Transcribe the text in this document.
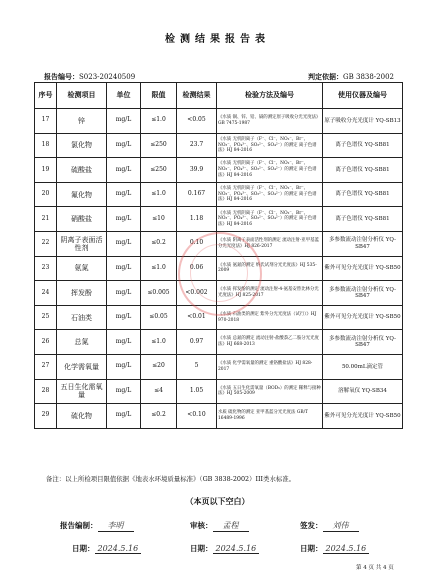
检测结果报告表
报告编号：S023-20240509	判定依据：GB 3838-2002
序号	检测项目	单位	限值	检测结果	检验方法及编号	使用仪器及编号
17	锌	mg/L	≤1.0	<0.05	《水质 铜、锌、铅、镉的测定原子吸收分光光度法》GB 7475-1987	原子吸收分光光度计 YQ-SB13
18	氯化物	mg/L	≤250	23.7	《水质 无机阴离子（F⁻、Cl⁻、NO₂⁻、Br⁻、NO₃⁻、PO₄³⁻、SO₃²⁻、SO₄²⁻）的测定 离子色谱法》HJ 84-2016	离子色谱仪 YQ-SB81
19	硫酸盐	mg/L	≤250	39.9	《水质 无机阴离子（F⁻、Cl⁻、NO₂⁻、Br⁻、NO₃⁻、PO₄³⁻、SO₃²⁻、SO₄²⁻）的测定 离子色谱法》HJ 84-2016	离子色谱仪 YQ-SB81
20	氟化物	mg/L	≤1.0	0.167	《水质 无机阴离子（F⁻、Cl⁻、NO₂⁻、Br⁻、NO₃⁻、PO₄³⁻、SO₃²⁻、SO₄²⁻）的测定 离子色谱法》HJ 84-2016	离子色谱仪 YQ-SB81
21	硝酸盐	mg/L	≤10	1.18	《水质 无机阴离子（F⁻、Cl⁻、NO₂⁻、Br⁻、NO₃⁻、PO₄³⁻、SO₃²⁻、SO₄²⁻）的测定 离子色谱法》HJ 84-2016	离子色谱仪 YQ-SB81
22	阴离子表面活性剂	mg/L	≤0.2	0.10	《水质 阴离子表面活性剂的测定 流动注射-亚甲基蓝分光光度法》HJ 826-2017	多参数流动注射分析仪 YQ-SB47
23	氨氮	mg/L	≤1.0	0.06	《水质 氨氮的测定 纳氏试剂分光光度法》HJ 535-2009	紫外可见分光光度计 YQ-SB50
24	挥发酚	mg/L	≤0.005	<0.002	《水质 挥发酚的测定 流动注射-4-氨基安替比林分光光度法》HJ 825-2017	多参数流动注射分析仪 YQ-SB47
25	石油类	mg/L	≤0.05	<0.01	《水质 石油类的测定 紫外分光光度法（试行）》HJ 970-2018	紫外可见分光光度计 YQ-SB50
26	总氮	mg/L	≤1.0	0.97	《水质 总氮的测定 流动注射-盐酸萘乙二胺分光光度法》HJ 668-2013	多参数流动注射分析仪 YQ-SB47
27	化学需氧量	mg/L	≤20	5	《水质 化学需氧量的测定 重铬酸盐法》HJ 828-2017	50.00mL滴定管
28	五日生化需氧量	mg/L	≤4	1.05	《水质 五日生化需氧量（BOD₅）的测定 稀释与接种法》HJ 505-2009	溶解氧仪 YQ-SB34
29	硫化物	mg/L	≤0.2	<0.10	水质 硫化物的测定 亚甲基蓝分光光度法 GB/T 16489-1996	紫外可见分光光度计 YQ-SB50
备注：以上所检项目限值依据《地表水环境质量标准》（GB 3838-2002）III类水标准。
（本页以下空白）
报告编制： 李明	审核： 孟程	签发： 刘伟
日期： 2024.5.16	日期： 2024.5.16	日期： 2024.5.16
第 4 页 共 4 页
